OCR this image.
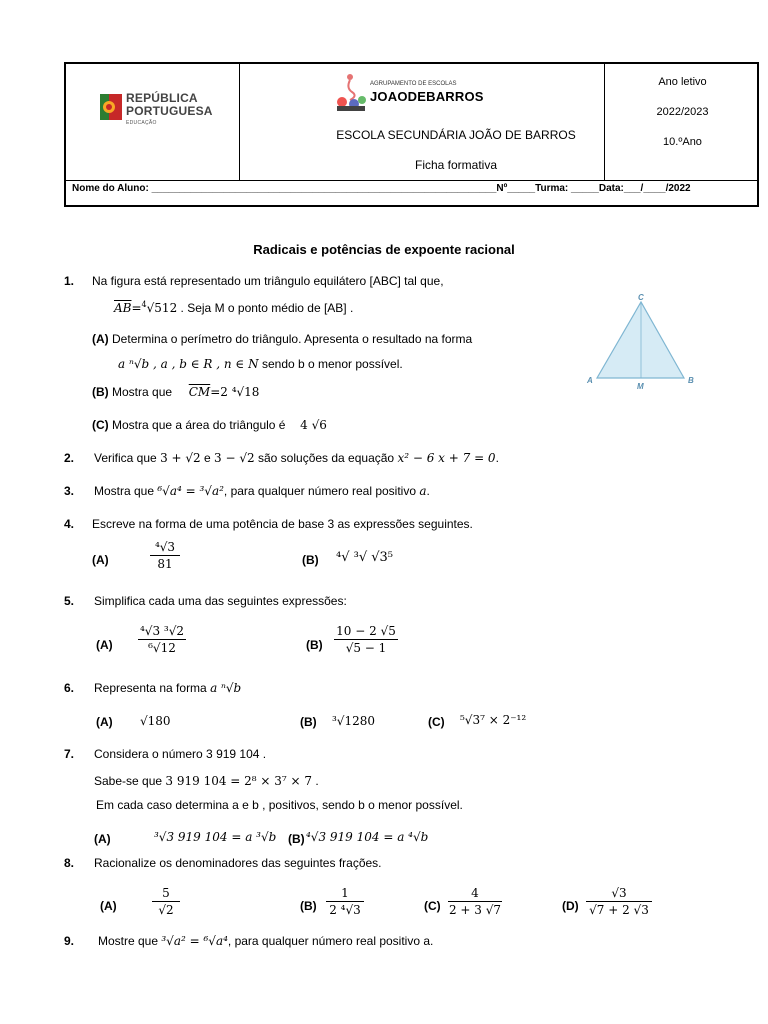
REPÚBLICA
PORTUGUESA
EDUCAÇÃO
AGRUPAMENTO DE ESCOLAS
JOAODEBARROS
ESCOLA SECUNDÁRIA JOÃO DE BARROS
Ficha formativa
Ano letivo
2022/2023
10.ºAno
Nome do Aluno: ______________________________________________________________Nº_____Turma: _____Data:___/____/2022
Radicais e potências de expoente racional
1. Na figura está representado um triângulo equilátero [ABC] tal que,
$\overline{AB}=^4√512$ . Seja M o ponto médio de [AB] .
(A) Determina o perímetro do triângulo. Apresenta o resultado na forma
a ⁿ√b , a , b ∈ R , n ∈ N sendo b o menor possível.
(B) Mostra que $\overline{CM}=2$ ⁴√18
(C) Mostra que a área do triângulo é 4 √6
A	B
C
M
2. Verifica que 3 + √2 e 3 − √2 são soluções da equação x² − 6 x + 7 = 0.
3. Mostra que ⁶√a⁴ = ³√a², para qualquer número real positivo a.
4. Escreve na forma de uma potência de base 3 as expressões seguintes.
(A)	$\frac{\text{⁴√3}}{81}$	(B) ⁴√ ³√ √3⁵
5. Simplifica cada uma das seguintes expressões:
$(A) \frac{\text{⁴√3 ³√2}}{\text{⁶√12}}$	$(B) \frac{10 - 2 √5}{√5 - 1}$
6. Representa na forma a ⁿ√b
(A) √180	(B) ³√1280	(C) ⁵√3⁷ × 2⁻¹²
7. Considera o número 3 919 104 .
Sabe-se que 3 919 104 = 2⁸ × 3⁷ × 7 .
Em cada caso determina a e b , positivos, sendo b o menor possível.
(A)	³√3 919 104 = a ³√b (B) ⁴√3 919 104 = a ⁴√b
8. Racionalize os denominadores das seguintes frações.
(A)	$\frac{5}{√2}$	$(B) \frac{1}{\text{2 ⁴√3}}$	$(C) \frac{4}{2 + 3 √7}$	$(D) \frac{√3}{√7 + 2 √3}$
9. Mostre que ³√a² = ⁶√a⁴, para qualquer número real positivo a.
